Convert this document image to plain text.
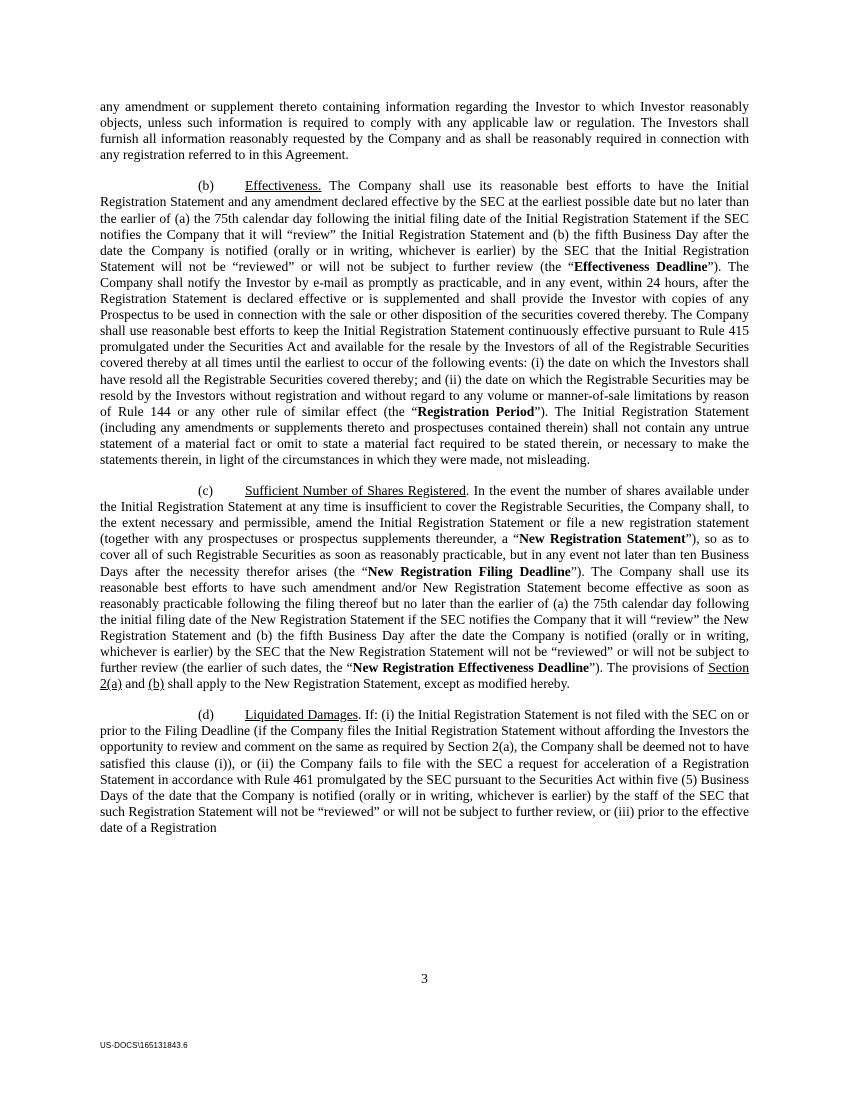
any amendment or supplement thereto containing information regarding the Investor to which Investor reasonably objects, unless such information is required to comply with any applicable law or regulation. The Investors shall furnish all information reasonably requested by the Company and as shall be reasonably required in connection with any registration referred to in this Agreement.

(b) Effectiveness. The Company shall use its reasonable best efforts to have the Initial Registration Statement and any amendment declared effective by the SEC at the earliest possible date but no later than the earlier of (a) the 75th calendar day following the initial filing date of the Initial Registration Statement if the SEC notifies the Company that it will “review” the Initial Registration Statement and (b) the fifth Business Day after the date the Company is notified (orally or in writing, whichever is earlier) by the SEC that the Initial Registration Statement will not be “reviewed” or will not be subject to further review (the “Effectiveness Deadline”). The Company shall notify the Investor by e-mail as promptly as practicable, and in any event, within 24 hours, after the Registration Statement is declared effective or is supplemented and shall provide the Investor with copies of any Prospectus to be used in connection with the sale or other disposition of the securities covered thereby. The Company shall use reasonable best efforts to keep the Initial Registration Statement continuously effective pursuant to Rule 415 promulgated under the Securities Act and available for the resale by the Investors of all of the Registrable Securities covered thereby at all times until the earliest to occur of the following events: (i) the date on which the Investors shall have resold all the Registrable Securities covered thereby; and (ii) the date on which the Registrable Securities may be resold by the Investors without registration and without regard to any volume or manner-of-sale limitations by reason of Rule 144 or any other rule of similar effect (the “Registration Period”). The Initial Registration Statement (including any amendments or supplements thereto and prospectuses contained therein) shall not contain any untrue statement of a material fact or omit to state a material fact required to be stated therein, or necessary to make the statements therein, in light of the circumstances in which they were made, not misleading.

(c) Sufficient Number of Shares Registered. In the event the number of shares available under the Initial Registration Statement at any time is insufficient to cover the Registrable Securities, the Company shall, to the extent necessary and permissible, amend the Initial Registration Statement or file a new registration statement (together with any prospectuses or prospectus supplements thereunder, a “New Registration Statement”), so as to cover all of such Registrable Securities as soon as reasonably practicable, but in any event not later than ten Business Days after the necessity therefor arises (the “New Registration Filing Deadline”). The Company shall use its reasonable best efforts to have such amendment and/or New Registration Statement become effective as soon as reasonably practicable following the filing thereof but no later than the earlier of (a) the 75th calendar day following the initial filing date of the New Registration Statement if the SEC notifies the Company that it will “review” the New Registration Statement and (b) the fifth Business Day after the date the Company is notified (orally or in writing, whichever is earlier) by the SEC that the New Registration Statement will not be “reviewed” or will not be subject to further review (the earlier of such dates, the “New Registration Effectiveness Deadline”). The provisions of Section 2(a) and (b) shall apply to the New Registration Statement, except as modified hereby.

(d) Liquidated Damages. If: (i) the Initial Registration Statement is not filed with the SEC on or prior to the Filing Deadline (if the Company files the Initial Registration Statement without affording the Investors the opportunity to review and comment on the same as required by Section 2(a), the Company shall be deemed not to have satisfied this clause (i)), or (ii) the Company fails to file with the SEC a request for acceleration of a Registration Statement in accordance with Rule 461 promulgated by the SEC pursuant to the Securities Act within five (5) Business Days of the date that the Company is notified (orally or in writing, whichever is earlier) by the staff of the SEC that such Registration Statement will not be “reviewed” or will not be subject to further review, or (iii) prior to the effective date of a Registration

3
US-DOCS\165131843.6
